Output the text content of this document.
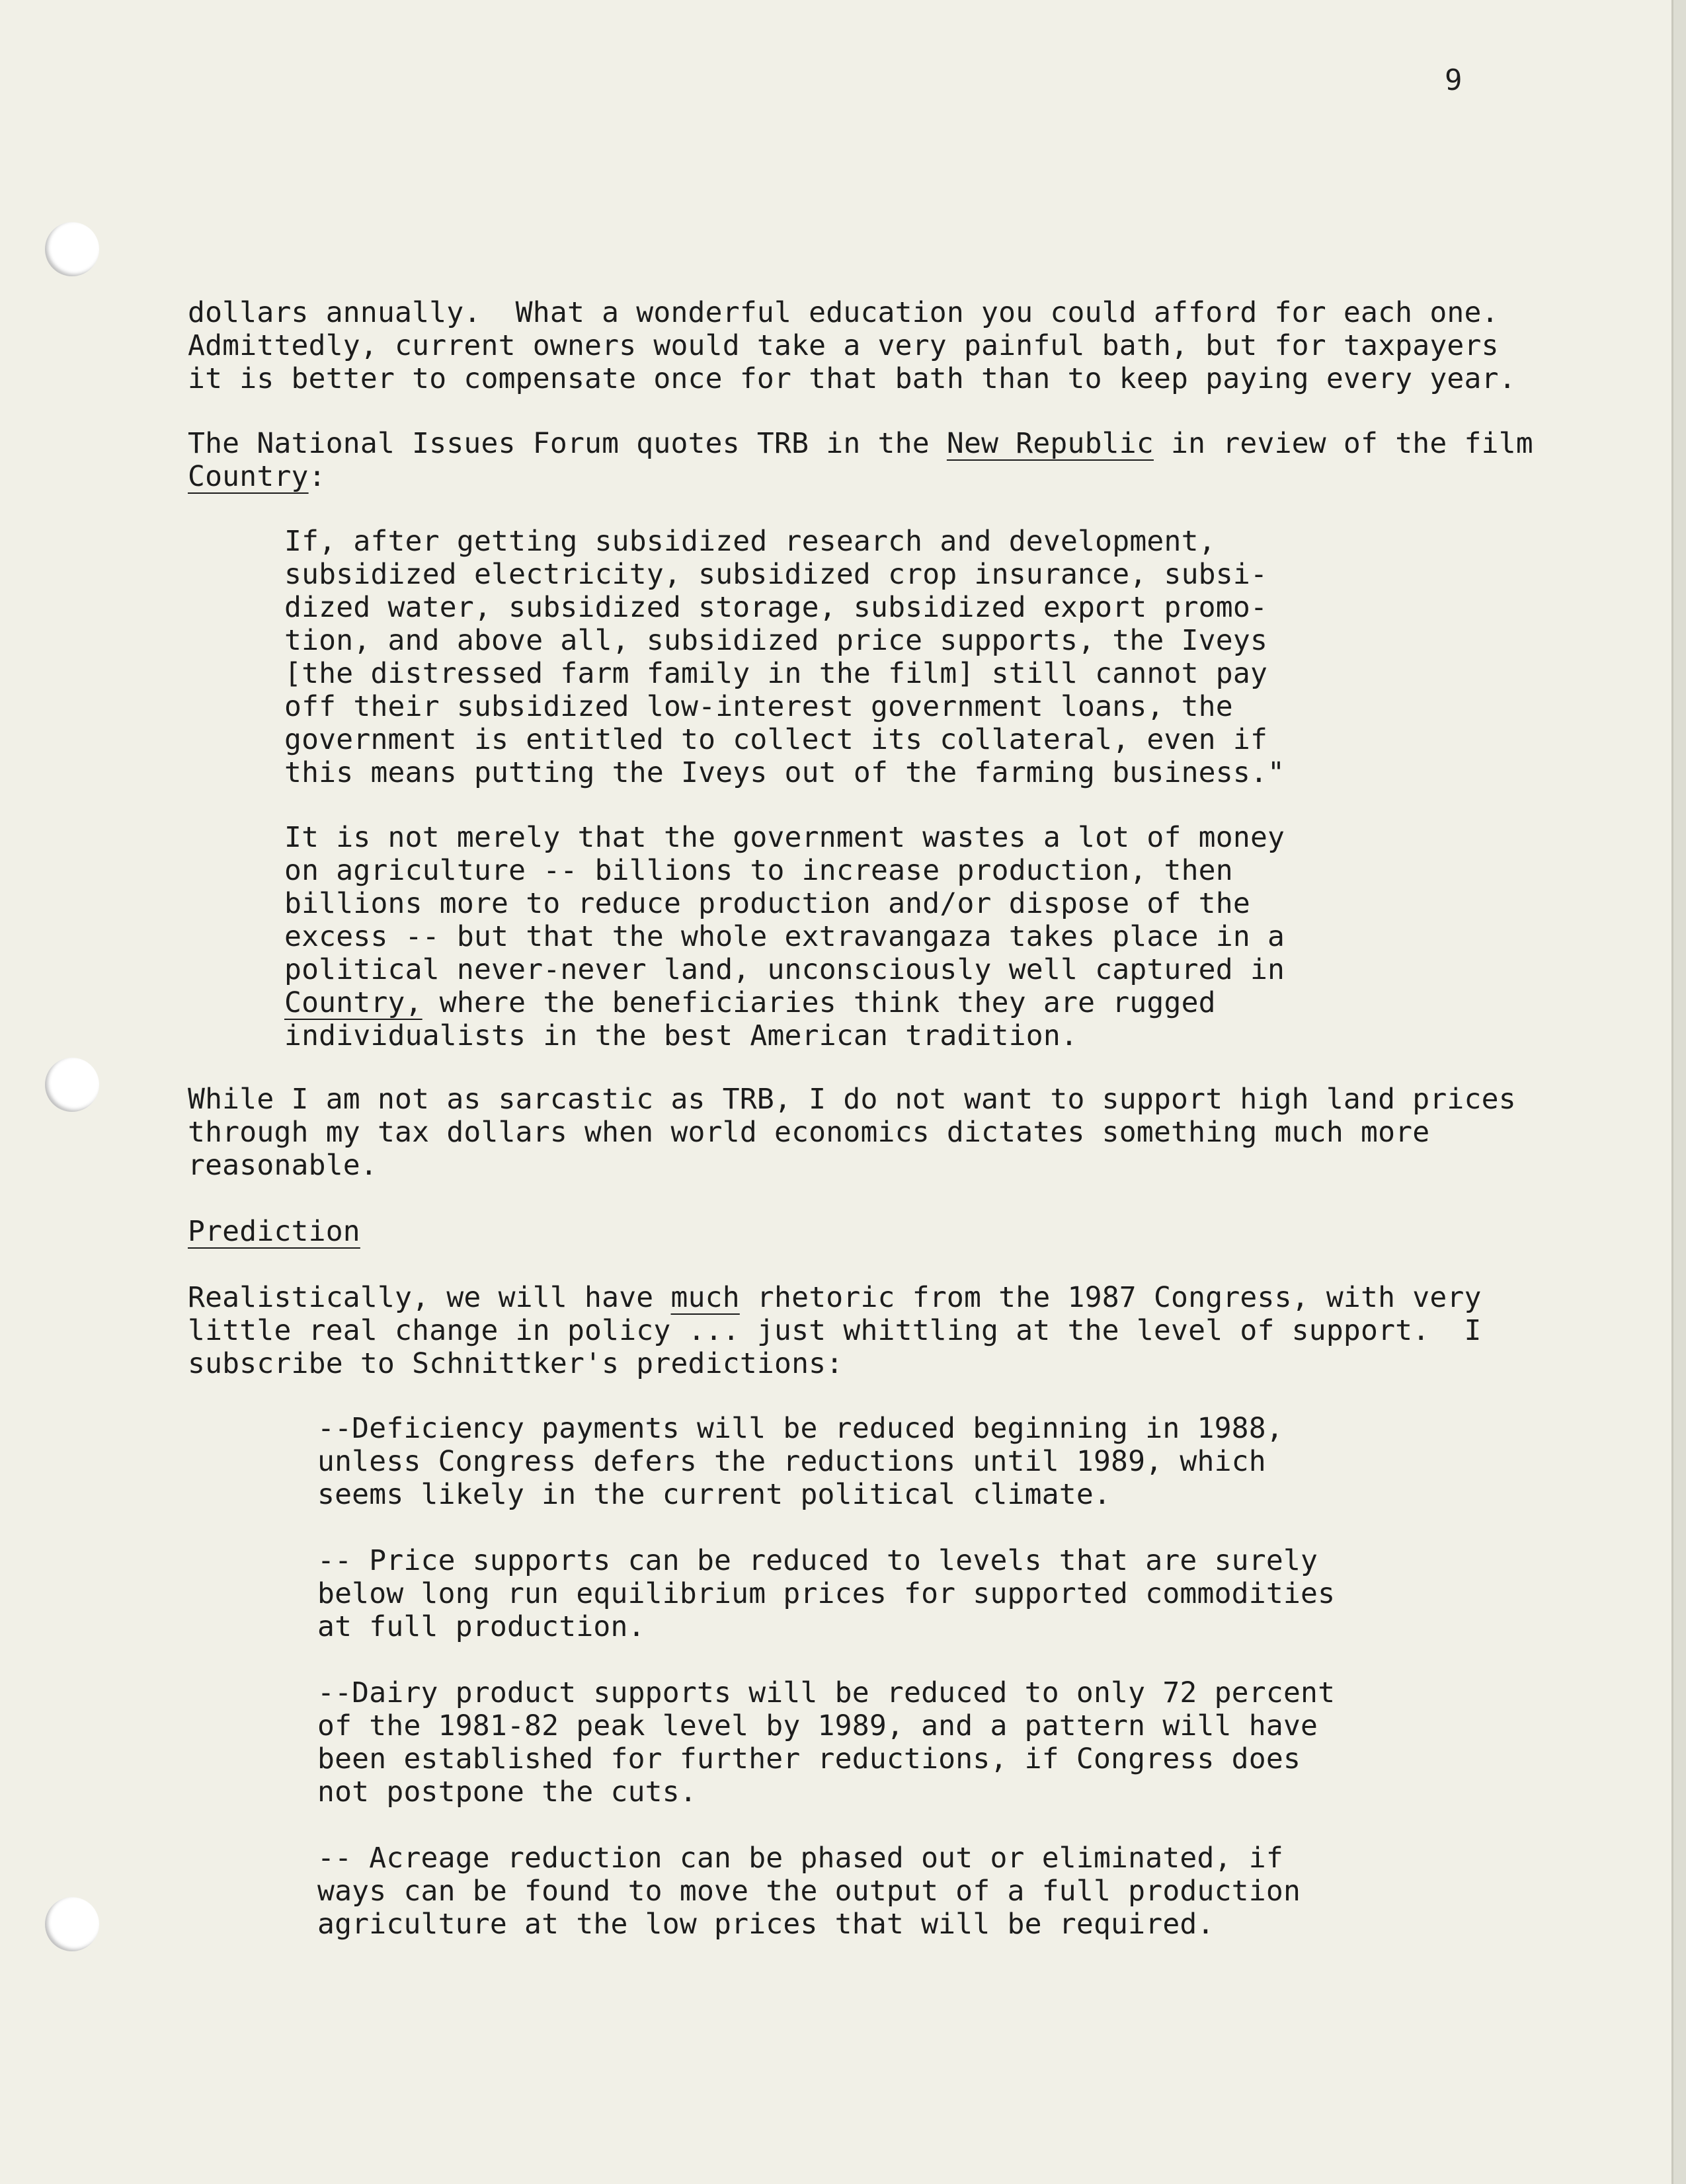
9
dollars annually.  What a wonderful education you could afford for each one.
Admittedly, current owners would take a very painful bath, but for taxpayers
it is better to compensate once for that bath than to keep paying every year.
The National Issues Forum quotes TRB in the New Republic in review of the film
Country:
If, after getting subsidized research and development,
subsidized electricity, subsidized crop insurance, subsi-
dized water, subsidized storage, subsidized export promo-
tion, and above all, subsidized price supports, the Iveys
[the distressed farm family in the film] still cannot pay
off their subsidized low-interest government loans, the
government is entitled to collect its collateral, even if
this means putting the Iveys out of the farming business."
It is not merely that the government wastes a lot of money
on agriculture -- billions to increase production, then
billions more to reduce production and/or dispose of the
excess -- but that the whole extravangaza takes place in a
political never-never land, unconsciously well captured in
Country, where the beneficiaries think they are rugged
individualists in the best American tradition.
While I am not as sarcastic as TRB, I do not want to support high land prices
through my tax dollars when world economics dictates something much more
reasonable.
Prediction
Realistically, we will have much rhetoric from the 1987 Congress, with very
little real change in policy ... just whittling at the level of support.  I
subscribe to Schnittker's predictions:
--Deficiency payments will be reduced beginning in 1988,
unless Congress defers the reductions until 1989, which
seems likely in the current political climate.
-- Price supports can be reduced to levels that are surely
below long run equilibrium prices for supported commodities
at full production.
--Dairy product supports will be reduced to only 72 percent
of the 1981-82 peak level by 1989, and a pattern will have
been established for further reductions, if Congress does
not postpone the cuts.
-- Acreage reduction can be phased out or eliminated, if
ways can be found to move the output of a full production
agriculture at the low prices that will be required.
